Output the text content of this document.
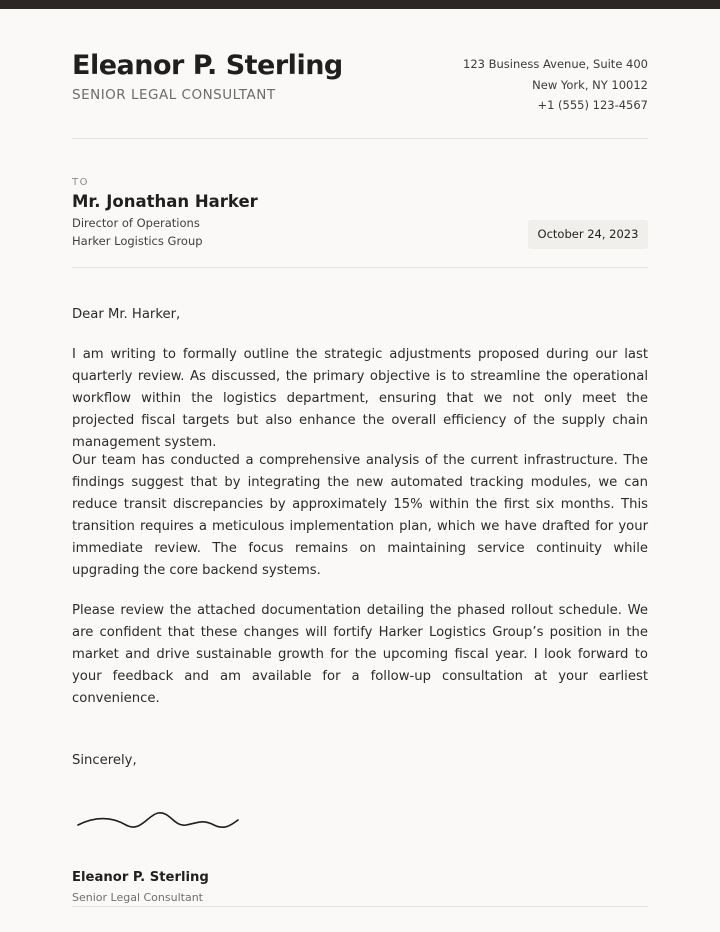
Eleanor P. Sterling
SENIOR LEGAL CONSULTANT
123 Business Avenue, Suite 400
New York, NY 10012
+1 (555) 123-4567
TO
Mr. Jonathan Harker
Director of Operations
Harker Logistics Group	October 24, 2023
Dear Mr. Harker,

I am writing to formally outline the strategic adjustments proposed during our last quarterly review. As discussed, the primary objective is to streamline the operational workflow within the logistics department, ensuring that we not only meet the projected fiscal targets but also enhance the overall efficiency of the supply chain management system.

Our team has conducted a comprehensive analysis of the current infrastructure. The findings suggest that by integrating the new automated tracking modules, we can reduce transit discrepancies by approximately 15% within the first six months. This transition requires a meticulous implementation plan, which we have drafted for your immediate review. The focus remains on maintaining service continuity while upgrading the core backend systems.

Please review the attached documentation detailing the phased rollout schedule. We are confident that these changes will fortify Harker Logistics Group’s position in the market and drive sustainable growth for the upcoming fiscal year. I look forward to your feedback and am available for a follow-up consultation at your earliest convenience.

Sincerely,
Eleanor P. Sterling
Senior Legal Consultant
